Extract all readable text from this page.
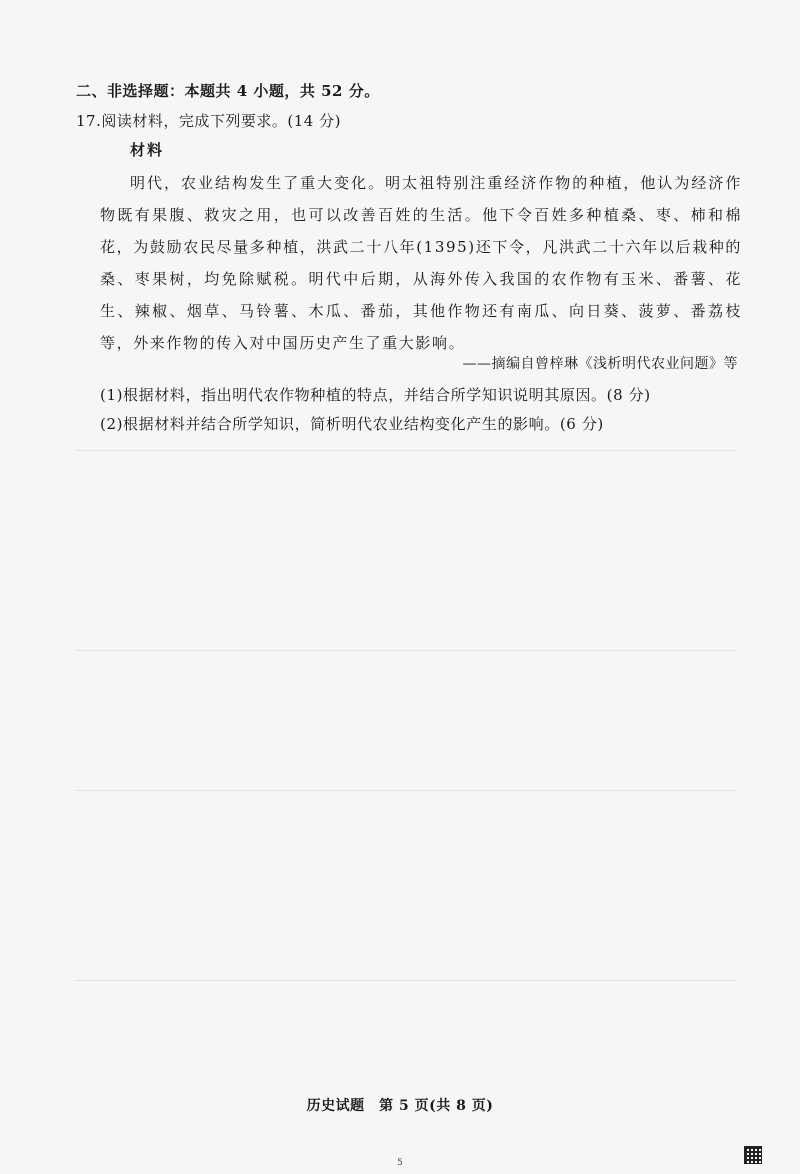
二、非选择题：本题共 4 小题，共 52 分。
17.阅读材料，完成下列要求。(14 分)
材料

明代，农业结构发生了重大变化。明太祖特别注重经济作物的种植，他认为经济作物既有果腹、救灾之用，也可以改善百姓的生活。他下令百姓多种植桑、枣、柿和棉花，为鼓励农民尽量多种植，洪武二十八年(1395)还下令，凡洪武二十六年以后栽种的桑、枣果树，均免除赋税。明代中后期，从海外传入我国的农作物有玉米、番薯、花生、辣椒、烟草、马铃薯、木瓜、番茄，其他作物还有南瓜、向日葵、菠萝、番荔枝等，外来作物的传入对中国历史产生了重大影响。

——摘编自曾梓琳《浅析明代农业问题》等
(1)根据材料，指出明代农作物种植的特点，并结合所学知识说明其原因。(8 分)
(2)根据材料并结合所学知识，简析明代农业结构变化产生的影响。(6 分)
历史试题　第 5 页(共 8 页)
5
